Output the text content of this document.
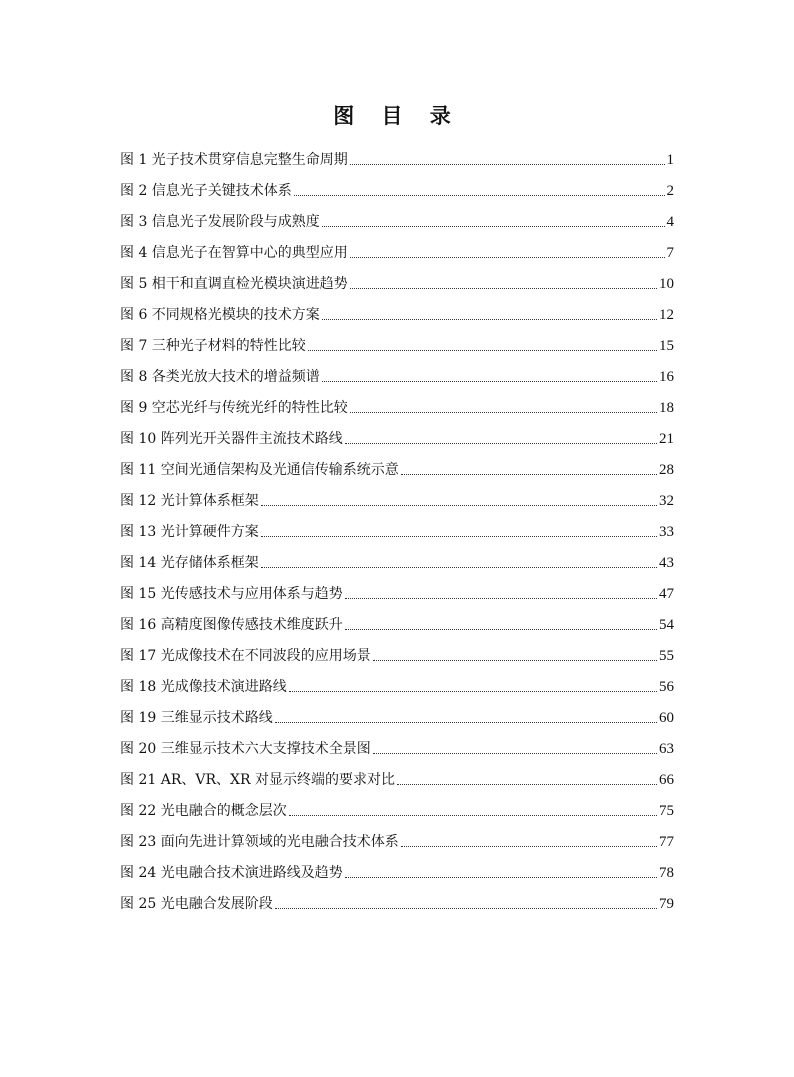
图 目 录
图 1 光子技术贯穿信息完整生命周期	1
图 2 信息光子关键技术体系	2
图 3 信息光子发展阶段与成熟度	4
图 4 信息光子在智算中心的典型应用	7
图 5 相干和直调直检光模块演进趋势	10
图 6 不同规格光模块的技术方案	12
图 7 三种光子材料的特性比较	15
图 8 各类光放大技术的增益频谱	16
图 9 空芯光纤与传统光纤的特性比较	18
图 10 阵列光开关器件主流技术路线	21
图 11 空间光通信架构及光通信传输系统示意	28
图 12 光计算体系框架	32
图 13 光计算硬件方案	33
图 14 光存储体系框架	43
图 15 光传感技术与应用体系与趋势	47
图 16 高精度图像传感技术维度跃升	54
图 17 光成像技术在不同波段的应用场景	55
图 18 光成像技术演进路线	56
图 19 三维显示技术路线	60
图 20 三维显示技术六大支撑技术全景图	63
图 21 AR、VR、XR 对显示终端的要求对比	66
图 22 光电融合的概念层次	75
图 23 面向先进计算领域的光电融合技术体系	77
图 24 光电融合技术演进路线及趋势	78
图 25 光电融合发展阶段	79
